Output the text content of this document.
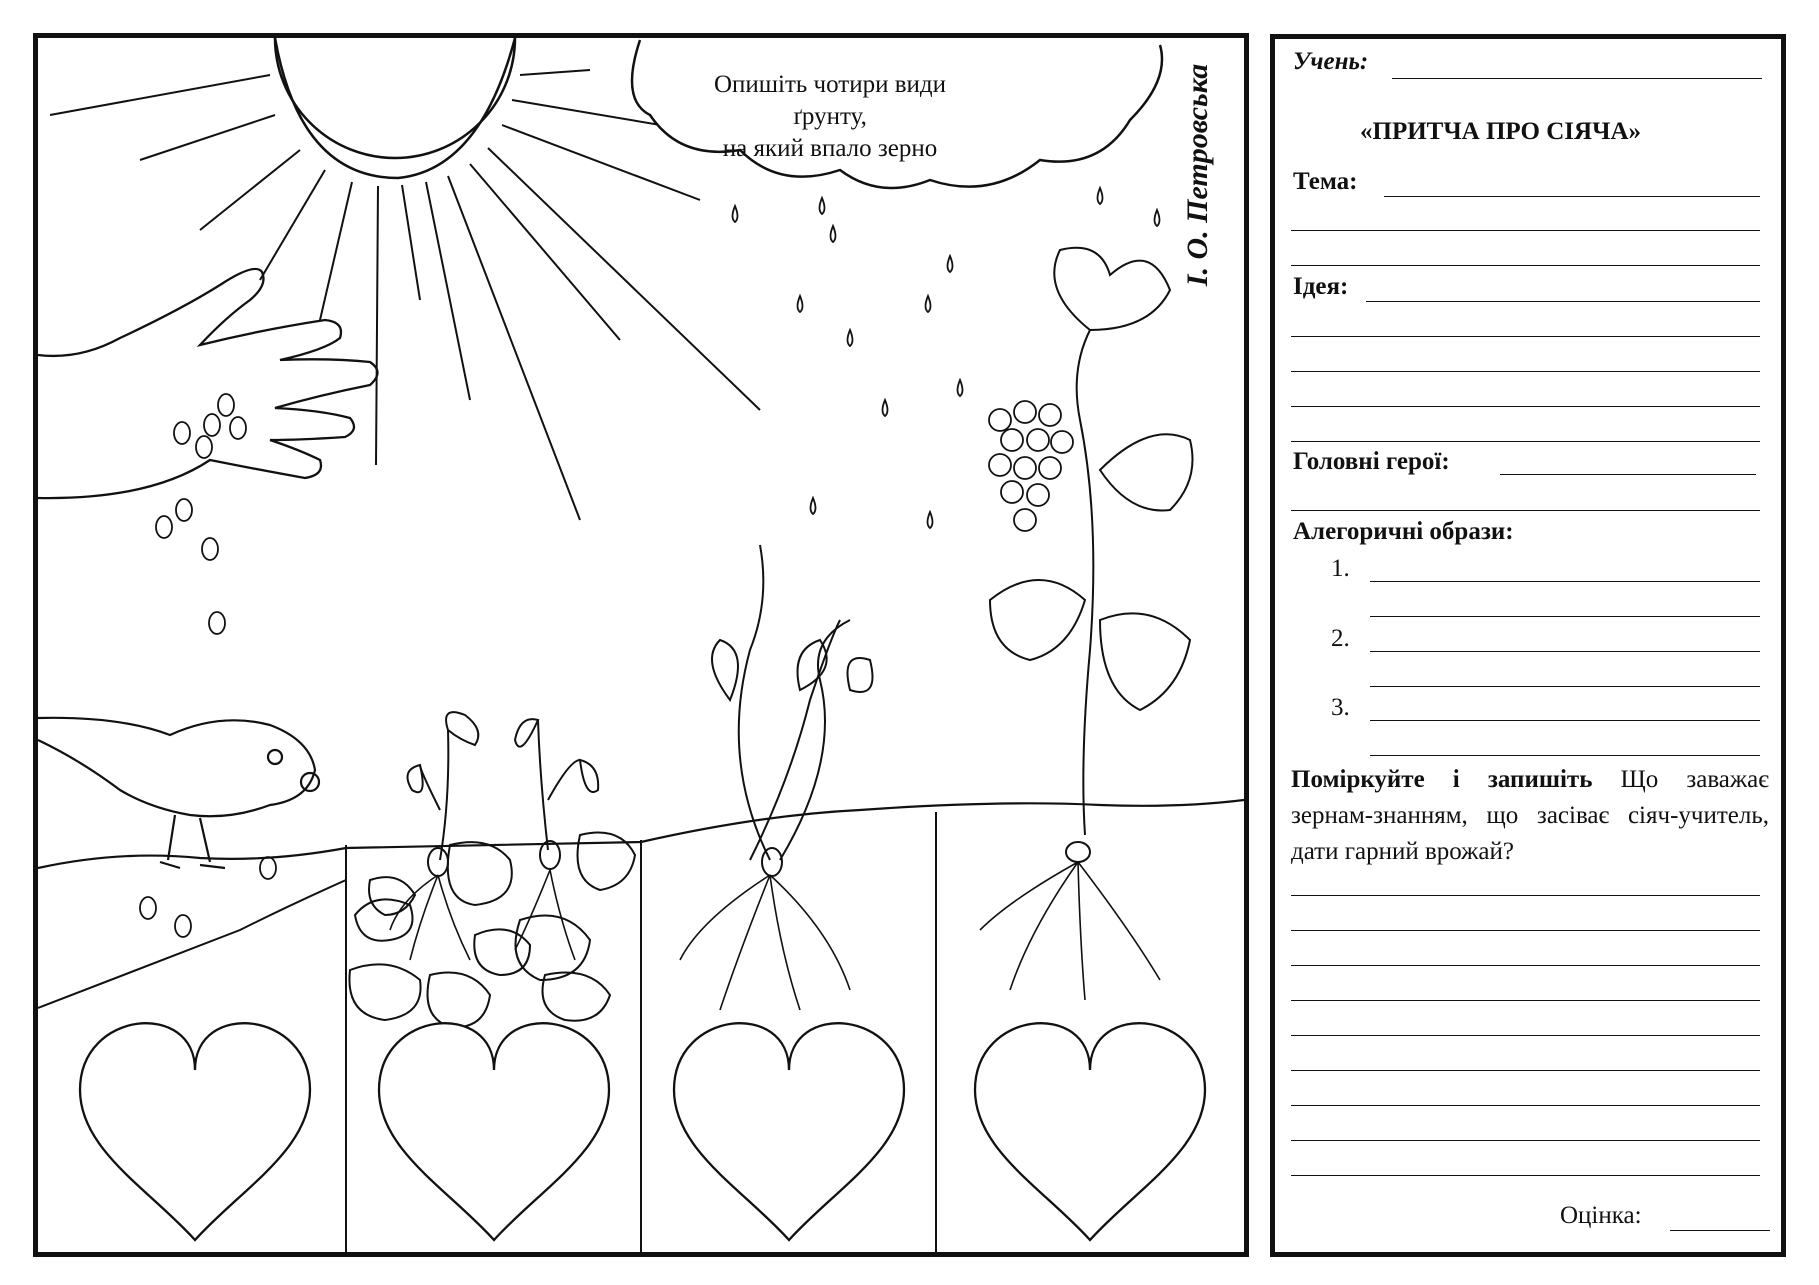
Опишіть чотири види ґрунту,
на який впало зерно	І. О. Петровська
Учень:
«ПРИТЧА ПРО СІЯЧА»
Тема:
Ідея:
Головні герої:
Алегоричні образи:
1.
2.
3.
Поміркуйте і запишіть Що заважає зернам-знанням, що засіває сіяч-учитель, дати гарний врожай?
Оцінка:
